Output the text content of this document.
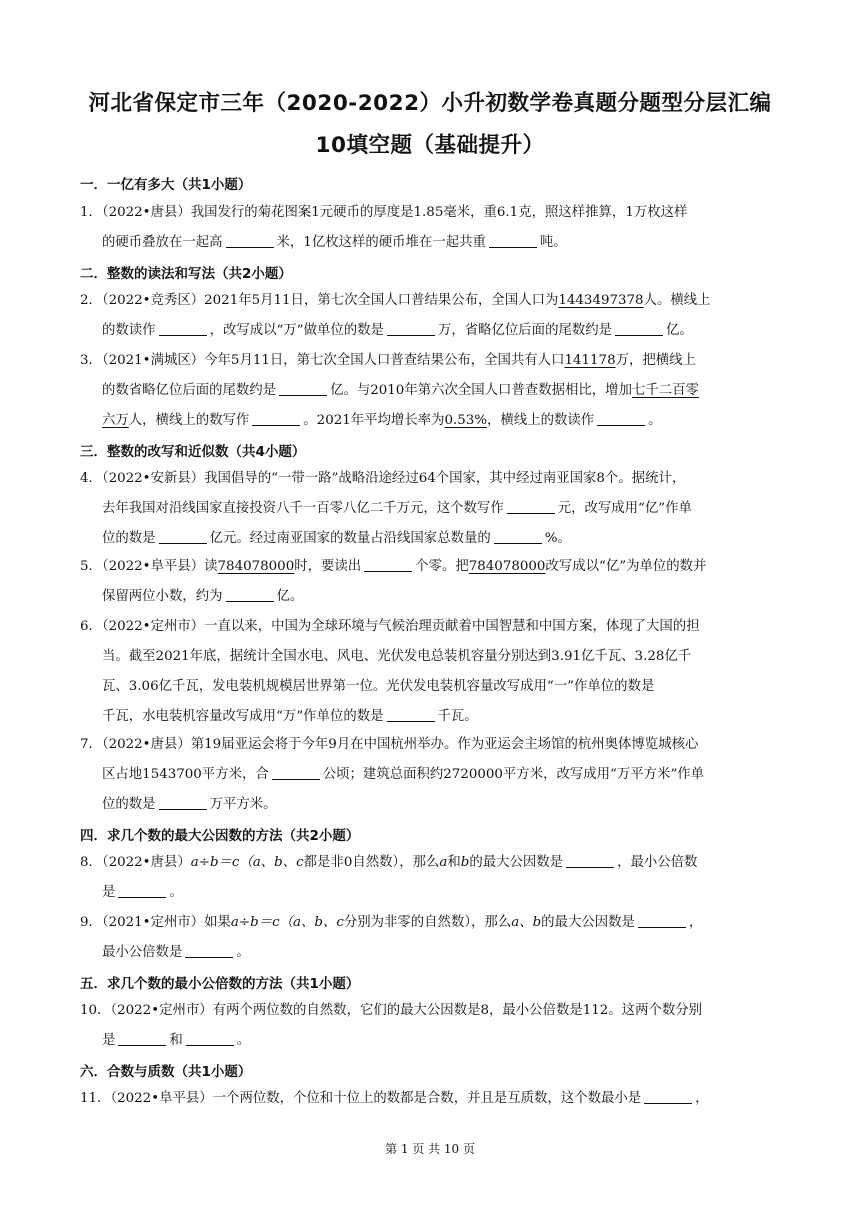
河北省保定市三年（2020-2022）小升初数学卷真题分题型分层汇编
10填空题（基础提升）
一．一亿有多大（共1小题）
1．（2022•唐县）我国发行的菊花图案1元硬币的厚度是1.85毫米，重6.1克，照这样推算，1万枚这样
的硬币叠放在一起高	米，1亿枚这样的硬币堆在一起共重	吨。
二．整数的读法和写法（共2小题）
2．（2022•竞秀区）2021年5月11日，第七次全国人口普结果公布，全国人口为1443497378人。横线上
的数读作	，改写成以“万”做单位的数是	万，省略亿位后面的尾数约是	亿。
3．（2021•满城区）今年5月11日，第七次全国人口普查结果公布，全国共有人口141178万，把横线上
的数省略亿位后面的尾数约是	亿。与2010年第六次全国人口普查数据相比，增加七千二百零
六万人，横线上的数写作	。2021年平均增长率为0.53%，横线上的数读作	。
三．整数的改写和近似数（共4小题）
4．（2022•安新县）我国倡导的“一带一路”战略沿途经过64个国家，其中经过南亚国家8个。据统计，
去年我国对沿线国家直接投资八千一百零八亿二千万元，这个数写作	元，改写成用“亿”作单
位的数是	亿元。经过南亚国家的数量占沿线国家总数量的	%。
5．（2022•阜平县）读784078000时，要读出	个零。把784078000改写成以“亿”为单位的数并
保留两位小数，约为	亿。
6．（2022•定州市）一直以来，中国为全球环境与气候治理贡献着中国智慧和中国方案，体现了大国的担
当。截至2021年底，据统计全国水电、风电、光伏发电总装机容量分别达到3.91亿千瓦、3.28亿千
瓦、3.06亿千瓦，发电装机规模居世界第一位。光伏发电装机容量改写成用“一”作单位的数是
千瓦，水电装机容量改写成用“万”作单位的数是	千瓦。
7．（2022•唐县）第19届亚运会将于今年9月在中国杭州举办。作为亚运会主场馆的杭州奥体博览城核心
区占地1543700平方米，合	公顷；建筑总面积约2720000平方米，改写成用“万平方米”作单
位的数是	万平方米。
四．求几个数的最大公因数的方法（共2小题）
8．（2022•唐县）a÷b＝c（a、b、c都是非0自然数），那么a和b的最大公因数是	，最小公倍数
是	。
9．（2021•定州市）如果a÷b＝c（a、b、c分别为非零的自然数），那么a、b的最大公因数是	，
最小公倍数是	。
五．求几个数的最小公倍数的方法（共1小题）
10．（2022•定州市）有两个两位数的自然数，它们的最大公因数是8，最小公倍数是112。这两个数分别
是	和	。
六．合数与质数（共1小题）
11．（2022•阜平县）一个两位数，个位和十位上的数都是合数，并且是互质数，这个数最小是	，
第 1 页 共 10 页
